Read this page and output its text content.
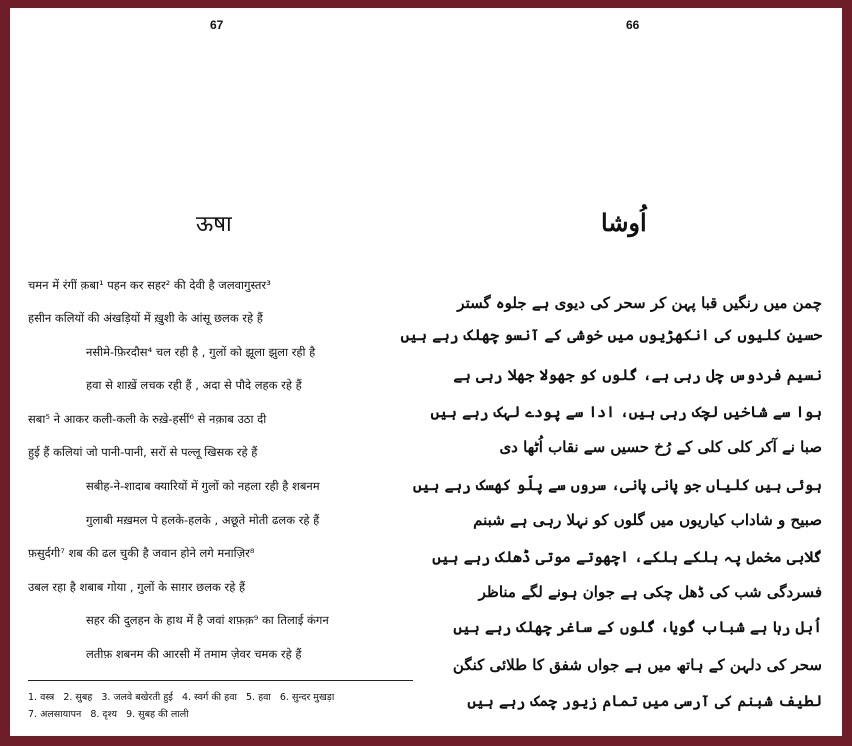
67
ऊषा
चमन में रंगीं क़बा¹ पहन कर सहर² की देवी है जलवागुस्तर³
हसीन कलियों की अंखड़ियों में ख़ुशी के आंसू छलक रहे हैं
नसीमे-फ़िरदौस⁴ चल रही है , गुलों को झूला झुला रही है
हवा से शाख़ें लचक रही हैं , अदा से पौदे लहक रहे हैं
सबा⁵ ने आकर कली-कली के रुख़े-हसीं⁶ से नक़ाब उठा दी
हुई हैं कलियां जो पानी-पानी, सरों से पल्लू खिसक रहे हैं
सबीह-ने-शादाब क्यारियों में गुलों को नहला रही है शबनम
गुलाबी मख़मल पे हलके-हलके , अछूते मोती ढलक रहे हैं
फ़सुर्दगी⁷ शब की ढल चुकी है जवान होने लगे मनाज़िर⁸
उबल रहा है शबाब गोया , गुलों के साग़र छलक रहे हैं
सहर की दुलहन के हाथ में है जवां शफ़क़⁹ का तिलाई कंगन
लतीफ़ शबनम की आरसी में तमाम ज़ेवर चमक रहे हैं
1. वस्त्र 2. सुबह 3. जलवे बखेरती हुई 4. स्वर्ग की हवा 5. हवा 6. सुन्दर मुखड़ा
7. अलसायापन 8. दृश्य 9. सुबह की लाली
66
اُوشا
چمن میں رنگیں قبا پہن کر سحر کی دیوی ہے جلوہ گستر
حسین کلیوں کی انکھڑیوں میں خوشی کے آنسو چھلک رہے ہیں
نسیم فردوس چل رہی ہے، گلوں کو جھولا جھلا رہی ہے
ہوا سے شاخیں لچک رہی ہیں، ادا سے پودے لہک رہے ہیں
صبا نے آکر کلی کلی کے رُخ حسیں سے نقاب اُٹھا دی
ہوئی ہیں کلیاں جو پانی پانی، سروں سے پلّو کھسک رہے ہیں
صبیح و شاداب کیاریوں میں گلوں کو نہلا رہی ہے شبنم
گلابی مخمل پہ ہلکے ہلکے، اچھوتے موتی ڈھلک رہے ہیں
فسردگی شب کی ڈھل چکی ہے جوان ہونے لگے مناظر
اُبل رہا ہے شباب گویا، گلوں کے ساغر چھلک رہے ہیں
سحر کی دلہن کے ہاتھ میں ہے جواں شفق کا طلائی کنگن
لطیف شبنم کی آرسی میں تمام زیور چمک رہے ہیں
